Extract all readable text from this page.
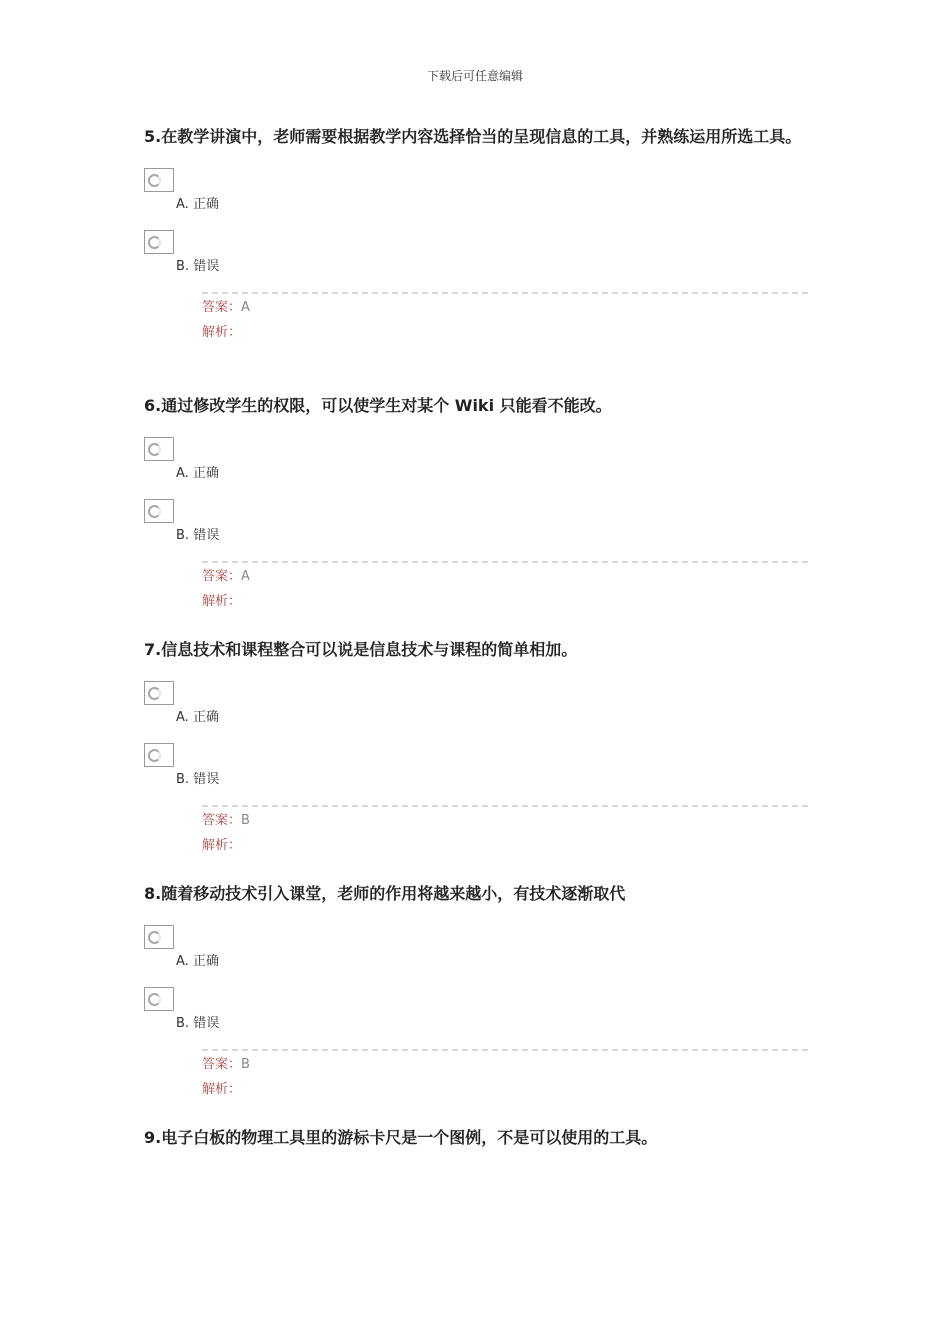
下载后可任意编辑

5.在教学讲演中，老师需要根据教学内容选择恰当的呈现信息的工具，并熟练运用所选工具。

A. 正确
B. 错误
答案：A
解析：

6.通过修改学生的权限，可以使学生对某个 Wiki 只能看不能改。

A. 正确
B. 错误
答案：A
解析：

7.信息技术和课程整合可以说是信息技术与课程的简单相加。

A. 正确
B. 错误
答案：B
解析：

8.随着移动技术引入课堂，老师的作用将越来越小，有技术逐渐取代

A. 正确
B. 错误
答案：B
解析：

9.电子白板的物理工具里的游标卡尺是一个图例，不是可以使用的工具。
